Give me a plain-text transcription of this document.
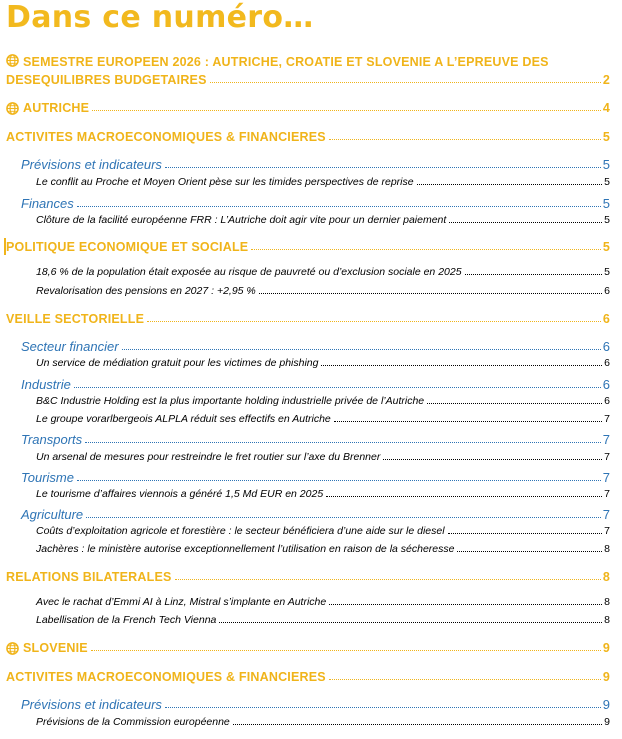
Dans ce numéro…
SEMESTRE EUROPEEN 2026 : AUTRICHE, CROATIE ET SLOVENIE A L’EPREUVE DES
DESEQUILIBRES BUDGETAIRES	2
AUTRICHE	4
ACTIVITES MACROECONOMIQUES & FINANCIERES	5
Prévisions et indicateurs	5
Le conflit au Proche et Moyen Orient pèse sur les timides perspectives de reprise	5
Finances	5
Clôture de la facilité européenne FRR : L’Autriche doit agir vite pour un dernier paiement	5
POLITIQUE ECONOMIQUE ET SOCIALE	5
18,6 % de la population était exposée au risque de pauvreté ou d’exclusion sociale en 2025	5
Revalorisation des pensions en 2027 : +2,95 %	6
VEILLE SECTORIELLE	6
Secteur financier	6
Un service de médiation gratuit pour les victimes de phishing	6
Industrie	6
B&C Industrie Holding est la plus importante holding industrielle privée de l’Autriche	6
Le groupe vorarlbergeois ALPLA réduit ses effectifs en Autriche	7
Transports	7
Un arsenal de mesures pour restreindre le fret routier sur l’axe du Brenner	7
Tourisme	7
Le tourisme d’affaires viennois a généré 1,5 Md EUR en 2025	7
Agriculture	7
Coûts d’exploitation agricole et forestière : le secteur bénéficiera d’une aide sur le diesel	7
Jachères : le ministère autorise exceptionnellement l’utilisation en raison de la sécheresse	8
RELATIONS BILATERALES	8
Avec le rachat d’Emmi AI à Linz, Mistral s’implante en Autriche	8
Labellisation de la French Tech Vienna	8
SLOVENIE	9
ACTIVITES MACROECONOMIQUES & FINANCIERES	9
Prévisions et indicateurs	9
Prévisions de la Commission européenne	9
